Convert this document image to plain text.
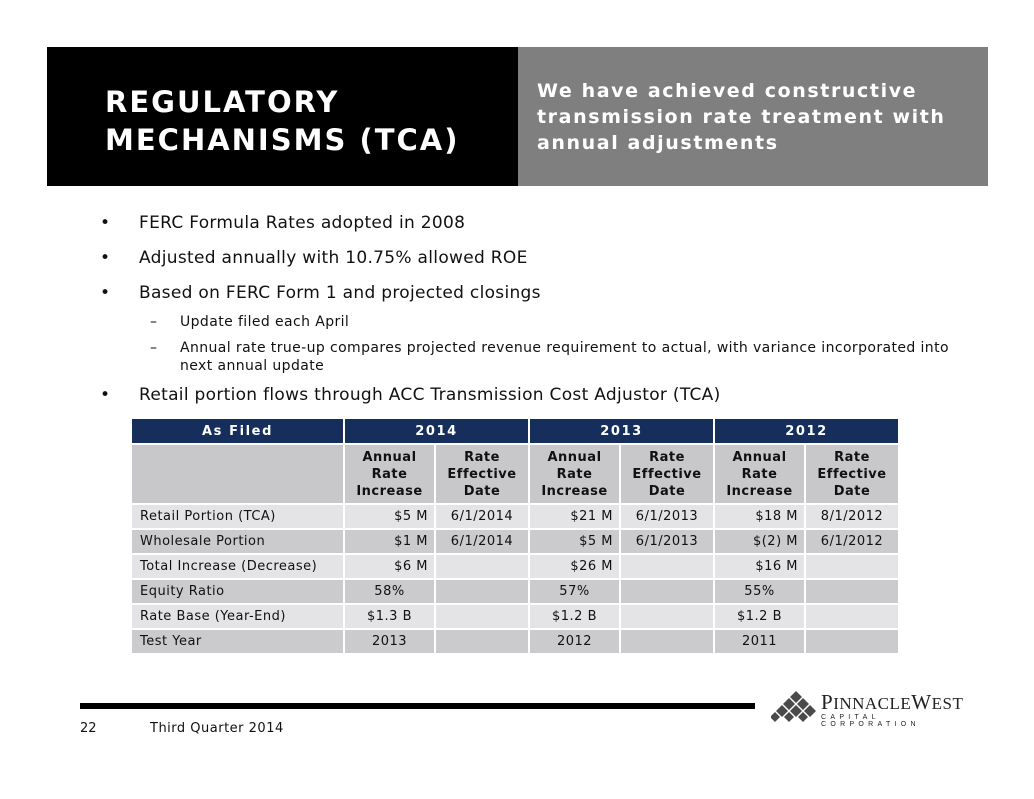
REGULATORY
MECHANISMS (TCA)

We have achieved constructive transmission rate treatment with annual adjustments

• FERC Formula Rates adopted in 2008
• Adjusted annually with 10.75% allowed ROE
• Based on FERC Form 1 and projected closings
– Update filed each April
– Annual rate true-up compares projected revenue requirement to actual, with variance incorporated into next annual update
• Retail portion flows through ACC Transmission Cost Adjustor (TCA)
As Filed	2014		2013		2012	
	Annual
Rate
Increase	Rate
Effective
Date	Annual
Rate
Increase	Rate
Effective
Date	Annual
Rate
Increase	Rate
Effective
Date
Retail Portion (TCA)	$5 M	6/1/2014	$21 M	6/1/2013	$18 M	8/1/2012
Wholesale Portion	$1 M	6/1/2014	$5 M	6/1/2013	$(2) M	6/1/2012
Total Increase (Decrease)	$6 M		$26 M		$16 M	
Equity Ratio	58%		57%		55%	
Rate Base (Year-End)	$1.3 B		$1.2 B		$1.2 B	
Test Year	2013		2012		2011	
22	Third Quarter 2014
PINNACLEWEST
CAPITAL CORPORATION
